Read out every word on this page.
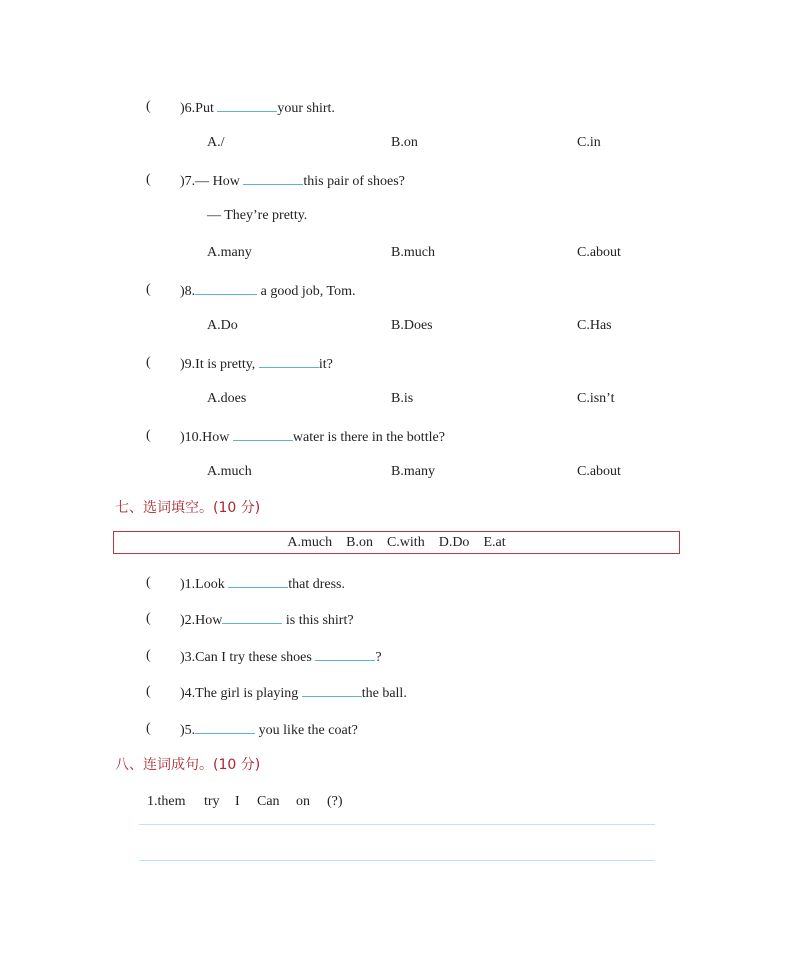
( )6.Put	your shirt.
A./	B.on	C.in
( )7.— How	this pair of shoes?
— They’re pretty.
A.many	B.much	C.about
( )8.	a good job, Tom.
A.Do	B.Does	C.Has
( )9.It is pretty,	it?
A.does	B.is	C.isn’t
( )10.How	water is there in the bottle?
A.much	B.many	C.about
七、选词填空。(10 分)
A.much B.on C.with D.Do E.at
( )1.Look	that dress.
( )2.How	is this shirt?
( )3.Can I try these shoes	?
( )4.The girl is playing	the ball.
( )5.	you like the coat?
八、连词成句。(10 分)
1.them try I Can on (?)
